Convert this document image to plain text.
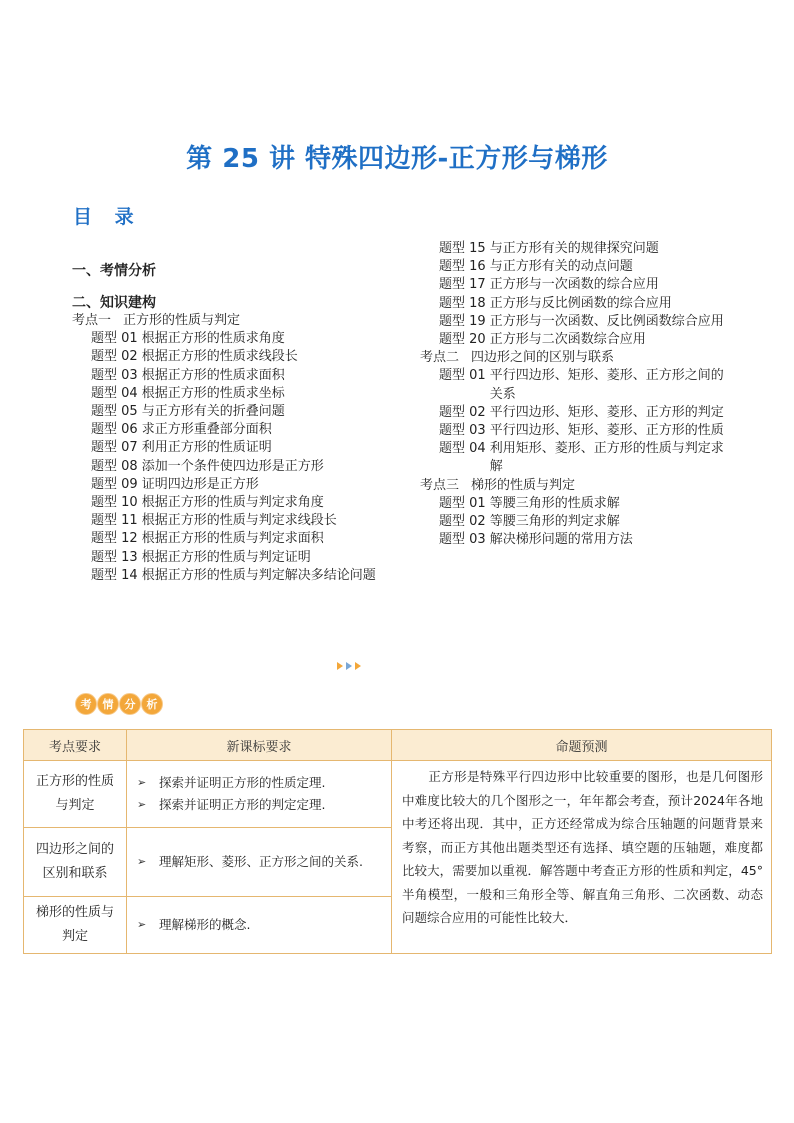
第 25 讲 特殊四边形-正方形与梯形
目 录
一、考情分析
二、知识建构
考点一 正方形的性质与判定
题型 01 根据正方形的性质求角度
题型 02 根据正方形的性质求线段长
题型 03 根据正方形的性质求面积
题型 04 根据正方形的性质求坐标
题型 05 与正方形有关的折叠问题
题型 06 求正方形重叠部分面积
题型 07 利用正方形的性质证明
题型 08 添加一个条件使四边形是正方形
题型 09 证明四边形是正方形
题型 10 根据正方形的性质与判定求角度
题型 11 根据正方形的性质与判定求线段长
题型 12 根据正方形的性质与判定求面积
题型 13 根据正方形的性质与判定证明
题型 14 根据正方形的性质与判定解决多结论问题
题型 15 与正方形有关的规律探究问题
题型 16 与正方形有关的动点问题
题型 17 正方形与一次函数的综合应用
题型 18 正方形与反比例函数的综合应用
题型 19 正方形与一次函数、反比例函数综合应用
题型 20 正方形与二次函数综合应用
考点二 四边形之间的区别与联系
题型 01 平行四边形、矩形、菱形、正方形之间的关系
题型 02 平行四边形、矩形、菱形、正方形的判定
题型 03 平行四边形、矩形、菱形、正方形的性质
题型 04 利用矩形、菱形、正方形的性质与判定求解
考点三 梯形的性质与判定
题型 01 等腰三角形的性质求解
题型 02 等腰三角形的判定求解
题型 03 解决梯形问题的常用方法
考	情	分	析
考点要求	新课标要求	命题预测
正方形的性质与判定	➢ 探索并证明正方形的性质定理.
➢ 探索并证明正方形的判定定理.	正方形是特殊平行四边形中比较重要的图形，也是几何图形中难度比较大的几个图形之一，年年都会考查，预计2024年各地中考还将出现．其中，正方还经常成为综合压轴题的问题背景来考察，而正方其他出题类型还有选择、填空题的压轴题，难度都比较大，需要加以重视．解答题中考查正方形的性质和判定，45°半角模型，一般和三角形全等、解直角三角形、二次函数、动态问题综合应用的可能性比较大．
四边形之间的区别和联系	➢ 理解矩形、菱形、正方形之间的关系.	

梯形的性质与判定	➢ 理解梯形的概念.	
